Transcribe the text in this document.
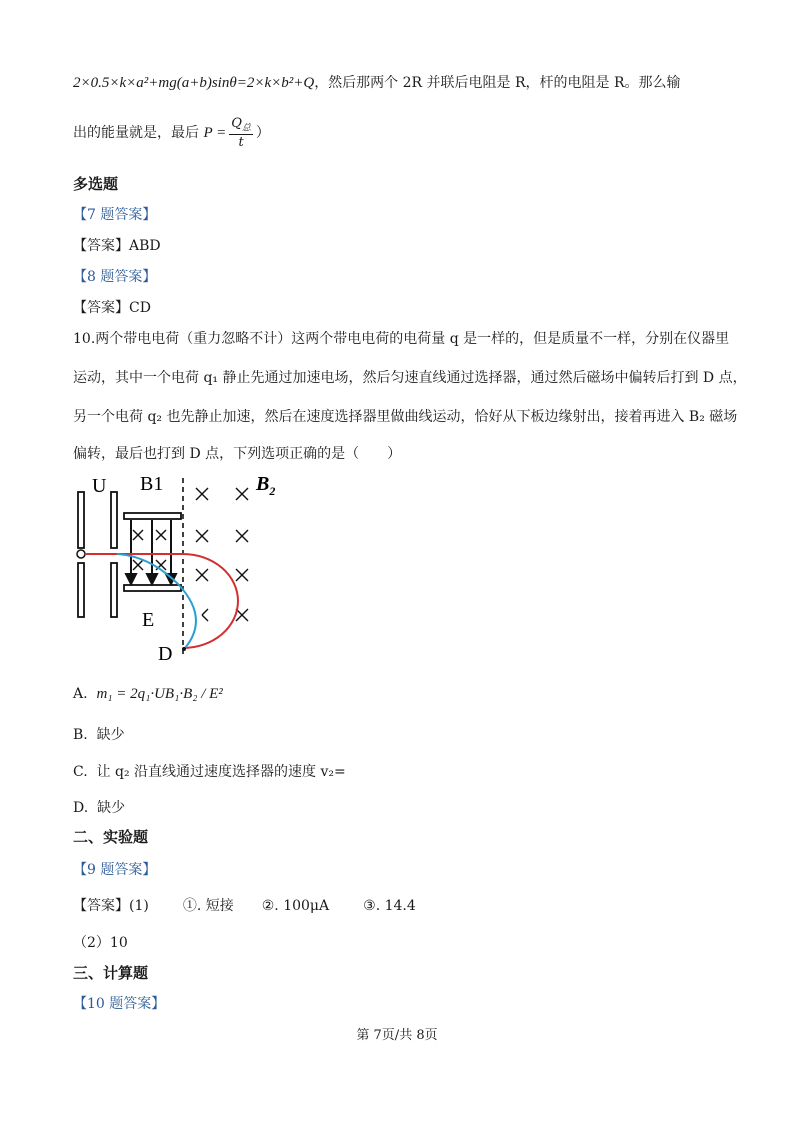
2×0.5×k×a²+mg(a+b)sinθ=2×k×b²+Q，然后那两个 2R 并联后电阻是 R，杆的电阻是 R。那么输
出的能量就是，最后 $P = \frac{Q_总}{t}$ ）
多选题
【7 题答案】
【答案】ABD
【8 题答案】
【答案】CD
10.两个带电电荷（重力忽略不计）这两个带电电荷的电荷量 q 是一样的，但是质量不一样，分别在仪器里
运动，其中一个电荷 q₁ 静止先通过加速电场，然后匀速直线通过选择器，通过然后磁场中偏转后打到 D 点，
另一个电荷 q₂ 也先静止加速，然后在速度选择器里做曲线运动，恰好从下板边缘射出，接着再进入 B₂ 磁场
偏转，最后也打到 D 点，下列选项正确的是（　　）
U B1
E
$B_2$
D
A. m₁ = 2q₁·UB₁·B₂ / E²
B. 缺少
C. 让 q₂ 沿直线通过速度选择器的速度 v₂=
D. 缺少
二、实验题
【9 题答案】
【答案】(1) ①. 短接 ②. 100μA ③. 14.4
（2）10
三、计算题
【10 题答案】
第 7页/共 8页
